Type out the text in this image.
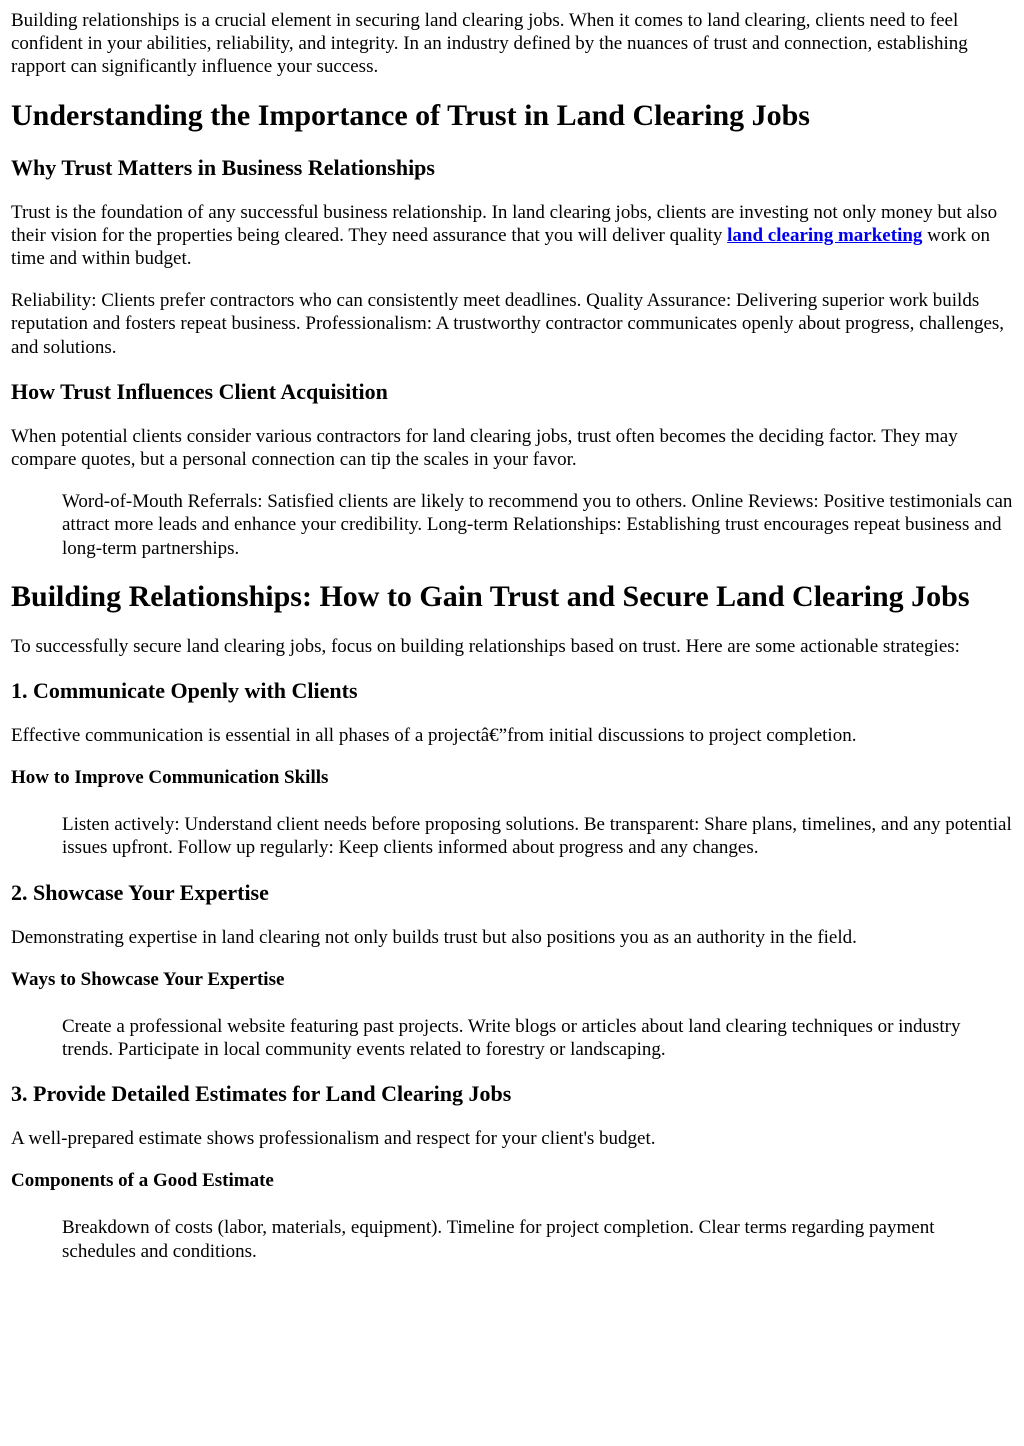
Building relationships is a crucial element in securing land clearing jobs. When it comes to land clearing, clients need to feel confident in your abilities, reliability, and integrity. In an industry defined by the nuances of trust and connection, establishing rapport can significantly influence your success.

Understanding the Importance of Trust in Land Clearing Jobs
Why Trust Matters in Business Relationships

Trust is the foundation of any successful business relationship. In land clearing jobs, clients are investing not only money but also their vision for the properties being cleared. They need assurance that you will deliver quality land clearing marketing work on time and within budget.

Reliability: Clients prefer contractors who can consistently meet deadlines. Quality Assurance: Delivering superior work builds reputation and fosters repeat business. Professionalism: A trustworthy contractor communicates openly about progress, challenges, and solutions.

How Trust Influences Client Acquisition

When potential clients consider various contractors for land clearing jobs, trust often becomes the deciding factor. They may compare quotes, but a personal connection can tip the scales in your favor.

Word-of-Mouth Referrals: Satisfied clients are likely to recommend you to others. Online Reviews: Positive testimonials can attract more leads and enhance your credibility. Long-term Relationships: Establishing trust encourages repeat business and long-term partnerships.
Building Relationships: How to Gain Trust and Secure Land Clearing Jobs

To successfully secure land clearing jobs, focus on building relationships based on trust. Here are some actionable strategies:

1. Communicate Openly with Clients

Effective communication is essential in all phases of a projectâ€”from initial discussions to project completion.

How to Improve Communication Skills
Listen actively: Understand client needs before proposing solutions. Be transparent: Share plans, timelines, and any potential issues upfront. Follow up regularly: Keep clients informed about progress and any changes.
2. Showcase Your Expertise

Demonstrating expertise in land clearing not only builds trust but also positions you as an authority in the field.

Ways to Showcase Your Expertise
Create a professional website featuring past projects. Write blogs or articles about land clearing techniques or industry trends. Participate in local community events related to forestry or landscaping.
3. Provide Detailed Estimates for Land Clearing Jobs

A well-prepared estimate shows professionalism and respect for your client's budget.

Components of a Good Estimate
Breakdown of costs (labor, materials, equipment). Timeline for project completion. Clear terms regarding payment schedules and conditions.
